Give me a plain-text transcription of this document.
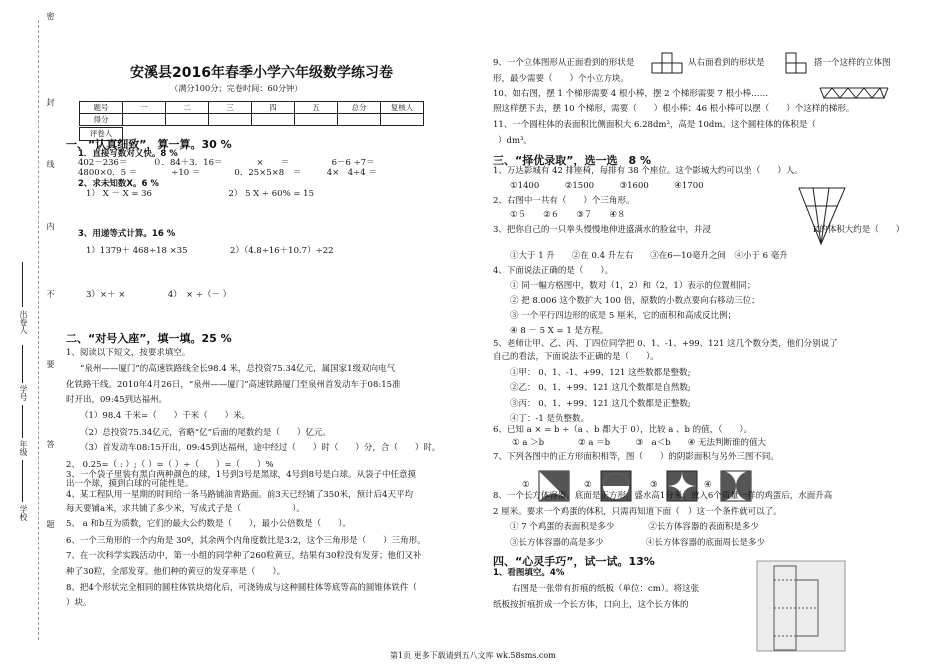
密
封
线
内
不
要
答
题
出卷人
学号
年级
学校
安溪县2016年春季小学六年级数学练习卷
（满分100分；完卷时间：60分钟）
题号	一	二	三	四	五	总分	复核人
得分							
评卷人
一、“认真细致”，算一算。30 %
1．直接写数对又快。8 %
402－236＝　　　０．84＋3．16＝　　　　×　　＝　　　　　6－6 ÷7＝
4800×0．5 ＝　　　　÷10 ＝　　　　0．25×5×8　＝　　　4×　4÷4 ＝
2、求未知数X。6 %
1） X － X = 36　　　　　　　　　2） 5 X ÷ 60% = 15
3、用递等式计算。16 %
1）1379＋ 468÷18 ×35　　　　　2）（4.8÷16＋10.7）÷22
3）×＋ ×　　　　　4）　× ÷（－ ）
二、“对号入座”，填一填。25 %
1、阅读以下短文，按要求填空。
“泉州——厦门”的高速铁路线全长98.4 米，总投资75.34亿元，属国家1级双向电气
化铁路干线。2010年4月26日，“泉州——厦门”高速铁路厦门至泉州首发动车于08:15准
时开出，09:45到达福州。
（1）98.4 千米=（　　）千米（　　）米。
（2）总投资75.34亿元，省略“亿”后面的尾数约是（　　）亿元。
（3）首发动车08:15开出，09:45到达福州，途中经过（　　）时（　　）分，合（　　）时。
2、 0.25=（ : ）;（ ）=（ ）÷（　　）=（　　）%
3、一个袋子里装有黑白两种颜色的球，1号到3号是黑球，4号到8号是白球。从袋子中任意摸
出一个球，摸到白球的可能性是。
4、某工程队用一星期的时间给一条马路铺油青路面。前3天已经铺了350米，预计后4天平均
每天要铺a米，求共铺了多少米，写成式子是（　　　　　　）。
5、 a 和b互为质数，它们的最大公约数是（　　），最小公倍数是（　　）。
6、一个三角形的一个内角是 30º，其余两个内角度数比是3:2，这个三角形是（　　）三角形。
7、在一次科学实践活动中，第一小组的同学种了260粒黄豆，结果有30粒没有发芽；他们又补
种了30粒，全部发芽。他们种的黄豆的发芽率是（　　）。
8、把4个形状完全相同的圆柱体铁块熔化后，可浇铸成与这种圆柱体等底等高的圆锥体铁件（
）块。
9、一个立体图形从正面看到的形状是	从右面看到的形状是	搭一个这样的立体图
形，最少需要（　　）个小立方块。
10、如右图，摆 1 个梯形需要 4 根小棒，摆 2 个梯形需要 7 根小棒……
照这样摆下去，摆 10 个梯形，需要（　　）根小棒；46 根小棒可以摆（　　）个这样的梯形。
11、一个圆柱体的表面积比侧面积大 6.28dm²，高是 10dm。这个圆柱体的体积是（
）dm³。
三、“择优录取”，选一选　8 %
1、万达影城有 42 排座椅，每排有 38 个座位。这个影城大约可以坐（　　）人。
①1400　　　②1500　　　③1600　　　④1700
2、右图中一共有（　　）个三角形。
①５　　②６　　③７　　④８
3、把你自己的一只拳头慢慢地伸进盛满水的脸盆中，并浸　　　　　　　　　　　　K的体积大约是（　　）
①大于 1 升　　②在 0.4 升左右　　③在6—10毫升之间　④小于 6 毫升
4、下面说法正确的是（　　）。
① 同一幅方格图中，数对（1，2）和（2，1）表示的位置相同；
② 把 8.006 这个数扩大 100 倍，原数的小数点要向右移动三位；
③ 一个平行四边形的底是 5 厘米，它的面积和高成反比例；
④ 8 － 5 X = 1 是方程。
5、老师让甲、乙、丙、丁四位同学把 0、1、-1、+99、121 这几个数分类，他们分别说了
自己的看法，下面说法不正确的是（　　）。
①甲： 0、1、-1、+99、121 这些数都是整数;
②乙： 0、1、+99、121 这几个数都是自然数;
③丙： 0、1、+99、121 这几个数都是正整数;
④丁：-1 是负整数。
6、已知 a × = b ÷（a 、b 都大于 0），比较 a 、b 的值，（　　）。
① a ＞b　　　　② a ＝b　　　③　a＜b　　④ 无法判断谁的值大
7、下列各图中的正方形面积相等，图（　　）的阴影面积与另外三图不同。
①	②	③	④
8、一个长方体容器，底面是正方形，盛水高1分米。放入6个质量一样的鸡蛋后，水面升高
2 厘米。要求一个鸡蛋的体积，只需再知道下面（　）这一个条件就可以了。
① 7 个鸡蛋的表面积是多少　　　　②长方体容器的表面积是多少
③长方体容器的高是多少　　　　　④长方体容器的底面周长是多少
四、“心灵手巧”，试一试。13%
1、看图填空。4%
右图是一张带有折痕的纸板（单位：cm）。将这张
纸板按折痕折成一个长方体，口向上，这个长方体的
第1页 更多下载请到五八文库 wk.58sms.com
